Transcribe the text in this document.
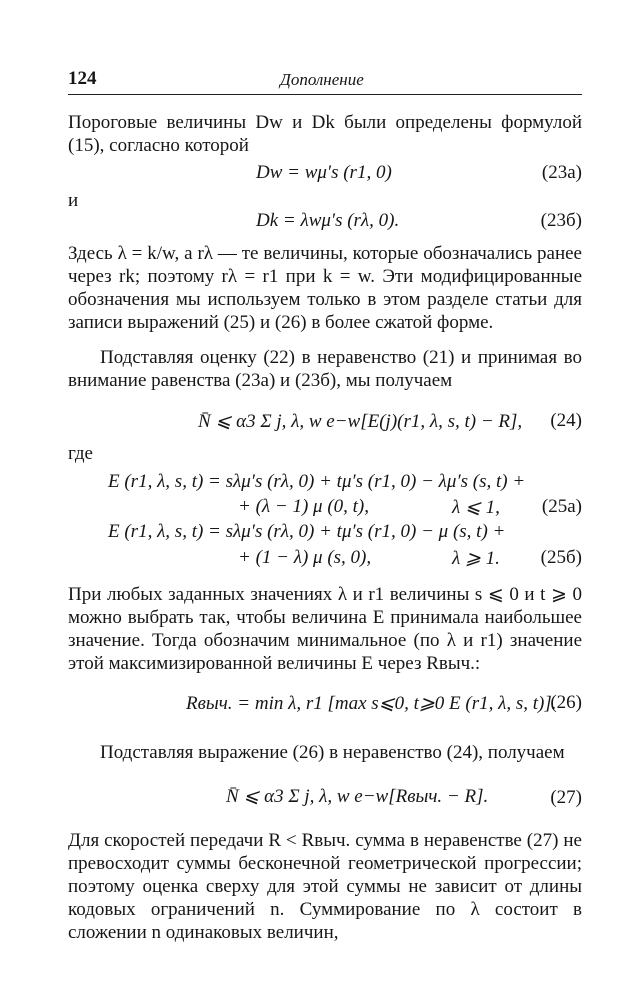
124	Дополнение
Пороговые величины Dw и Dk были определены формулой (15), согласно которой
Dw = wμ′s (r1, 0)	(23а)
и
Dk = λwμ′s (rλ, 0).	(23б)
Здесь λ = k/w, а rλ — те величины, которые обозначались ранее через rk; поэтому rλ = r1 при k = w. Эти модифицированные обозначения мы используем только в этом разделе статьи для записи выражений (25) и (26) в более сжатой форме.
Подставляя оценку (22) в неравенство (21) и принимая во внимание равенства (23а) и (23б), мы получаем
N̄ ⩽ α3 Σ j, λ, w e−w[E(j)(r1, λ, s, t) − R], (24)
где
E (r1, λ, s, t) = sλμ′s (rλ, 0) + tμ′s (r1, 0) − λμ′s (s, t) +
+ (λ − 1) μ (0, t),	λ ⩽ 1, (25а)
E (r1, λ, s, t) = sλμ′s (rλ, 0) + tμ′s (r1, 0) − μ (s, t) +
+ (1 − λ) μ (s, 0),	λ ⩾ 1. (25б)
При любых заданных значениях λ и r1 величины s ⩽ 0 и t ⩾ 0 можно выбрать так, чтобы величина E принимала наибольшее значение. Тогда обозначим минимальное (по λ и r1) значение этой максимизированной величины E через Rвыч.:
Rвыч. = min λ, r1 [max s⩽0, t⩾0 E (r1, λ, s, t)].
(26)
Подставляя выражение (26) в неравенство (24), получаем
N̄ ⩽ α3 Σ j, λ, w e−w[Rвыч. − R].	(27)
Для скоростей передачи R < Rвыч. сумма в неравенстве (27) не превосходит суммы бесконечной геометрической прогрессии; поэтому оценка сверху для этой суммы не зависит от длины кодовых ограничений n. Суммирование по λ состоит в сложении n одинаковых величин,
